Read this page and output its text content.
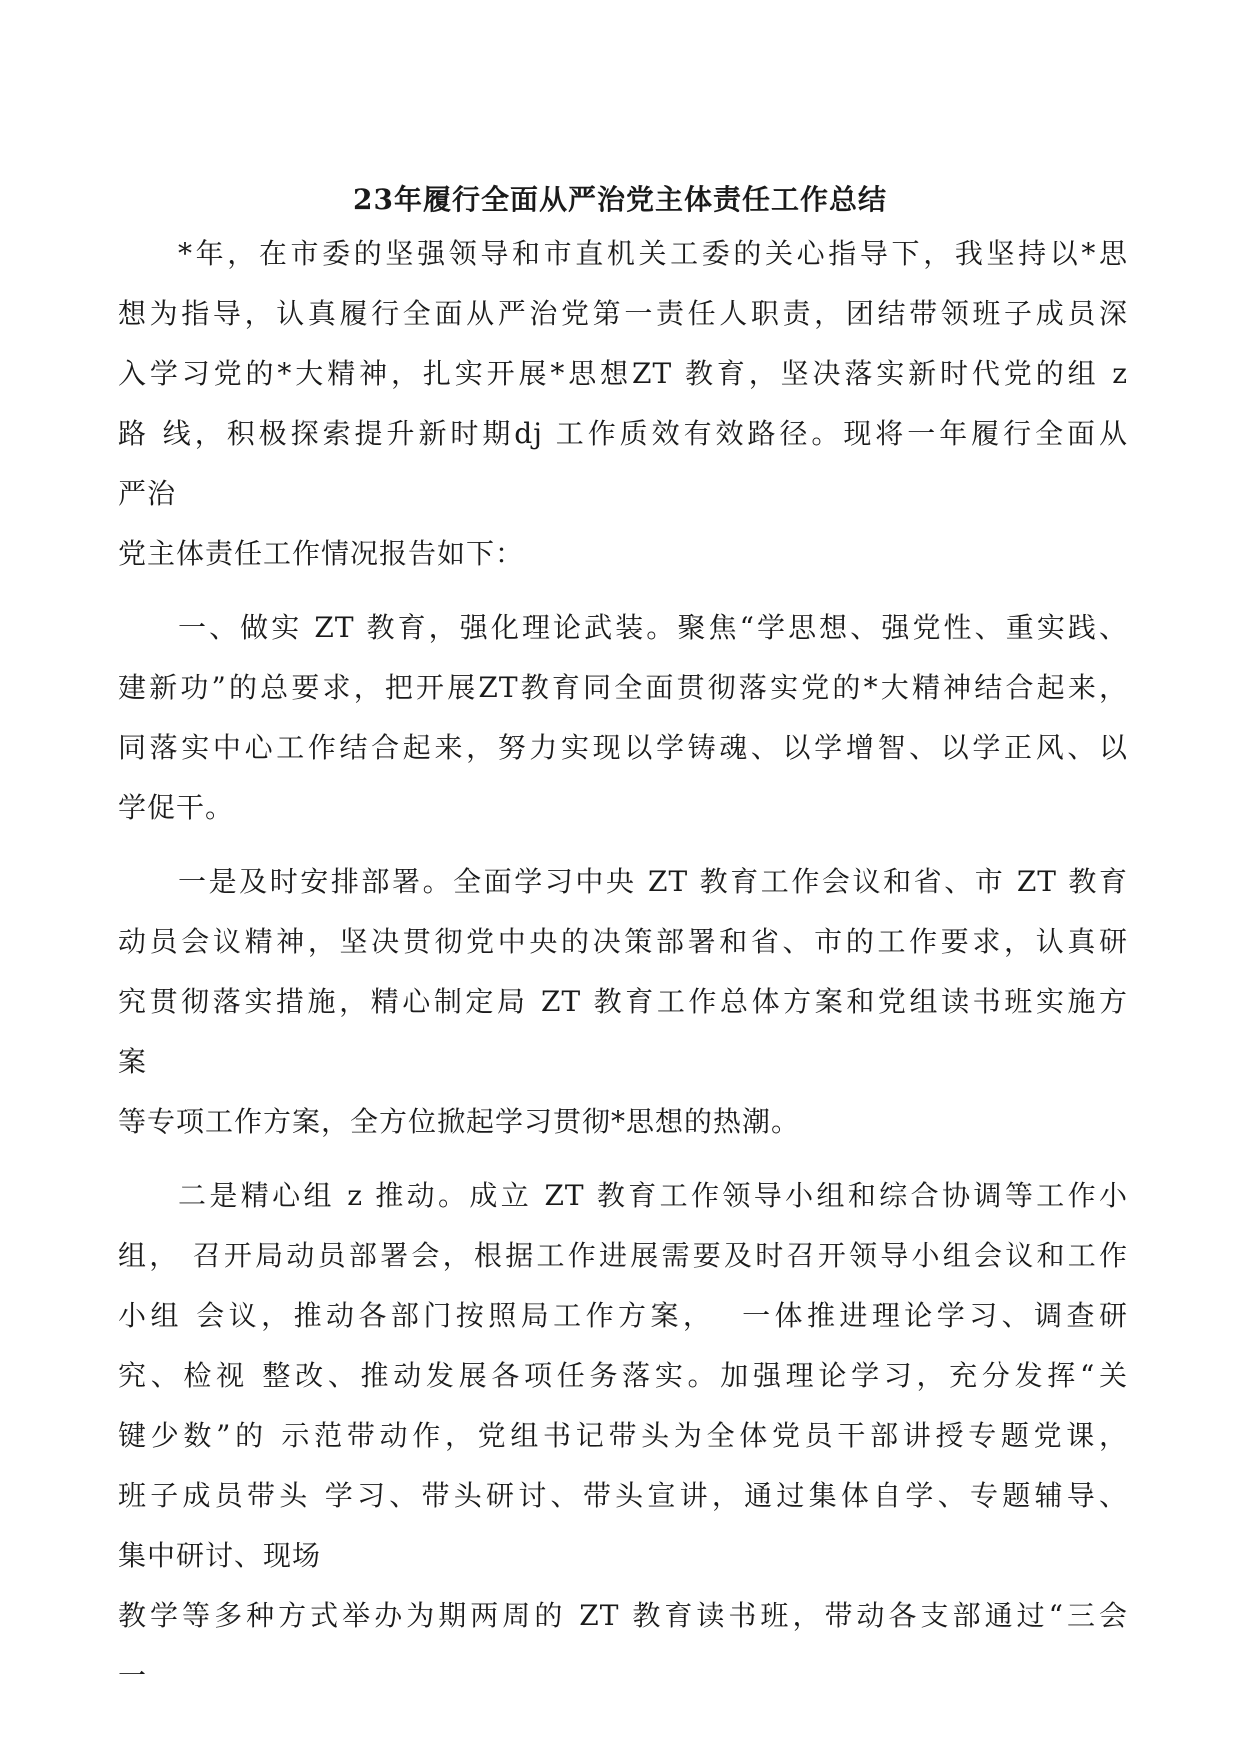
23年履行全面从严治党主体责任工作总结
*年，在市委的坚强领导和市直机关工委的关心指导下，我坚持以*思
想为指导，认真履行全面从严治党第一责任人职责，团结带领班子成员深
入学习党的*大精神，扎实开展*思想ZT 教育，坚决落实新时代党的组 z
路 线，积极探索提升新时期dj 工作质效有效路径。现将一年履行全面从
严治
党主体责任工作情况报告如下：
一、做实 ZT 教育，强化理论武装。聚焦“学思想、强党性、重实践、
建新功”的总要求，把开展ZT教育同全面贯彻落实党的*大精神结合起来，
同落实中心工作结合起来，努力实现以学铸魂、以学增智、以学正风、以
学促干。
一是及时安排部署。全面学习中央 ZT 教育工作会议和省、市 ZT 教育
动员会议精神，坚决贯彻党中央的决策部署和省、市的工作要求，认真研
究贯彻落实措施，精心制定局 ZT 教育工作总体方案和党组读书班实施方
案
等专项工作方案，全方位掀起学习贯彻*思想的热潮。
二是精心组 z 推动。成立 ZT 教育工作领导小组和综合协调等工作小
组， 召开局动员部署会，根据工作进展需要及时召开领导小组会议和工作
小组 会议，推动各部门按照局工作方案，  一体推进理论学习、调查研
究、检视 整改、推动发展各项任务落实。加强理论学习，充分发挥“关
键少数”的 示范带动作，党组书记带头为全体党员干部讲授专题党课，
班子成员带头 学习、带头研讨、带头宣讲，通过集体自学、专题辅导、
集中研讨、现场
教学等多种方式举办为期两周的 ZT 教育读书班，带动各支部通过“三会
一
